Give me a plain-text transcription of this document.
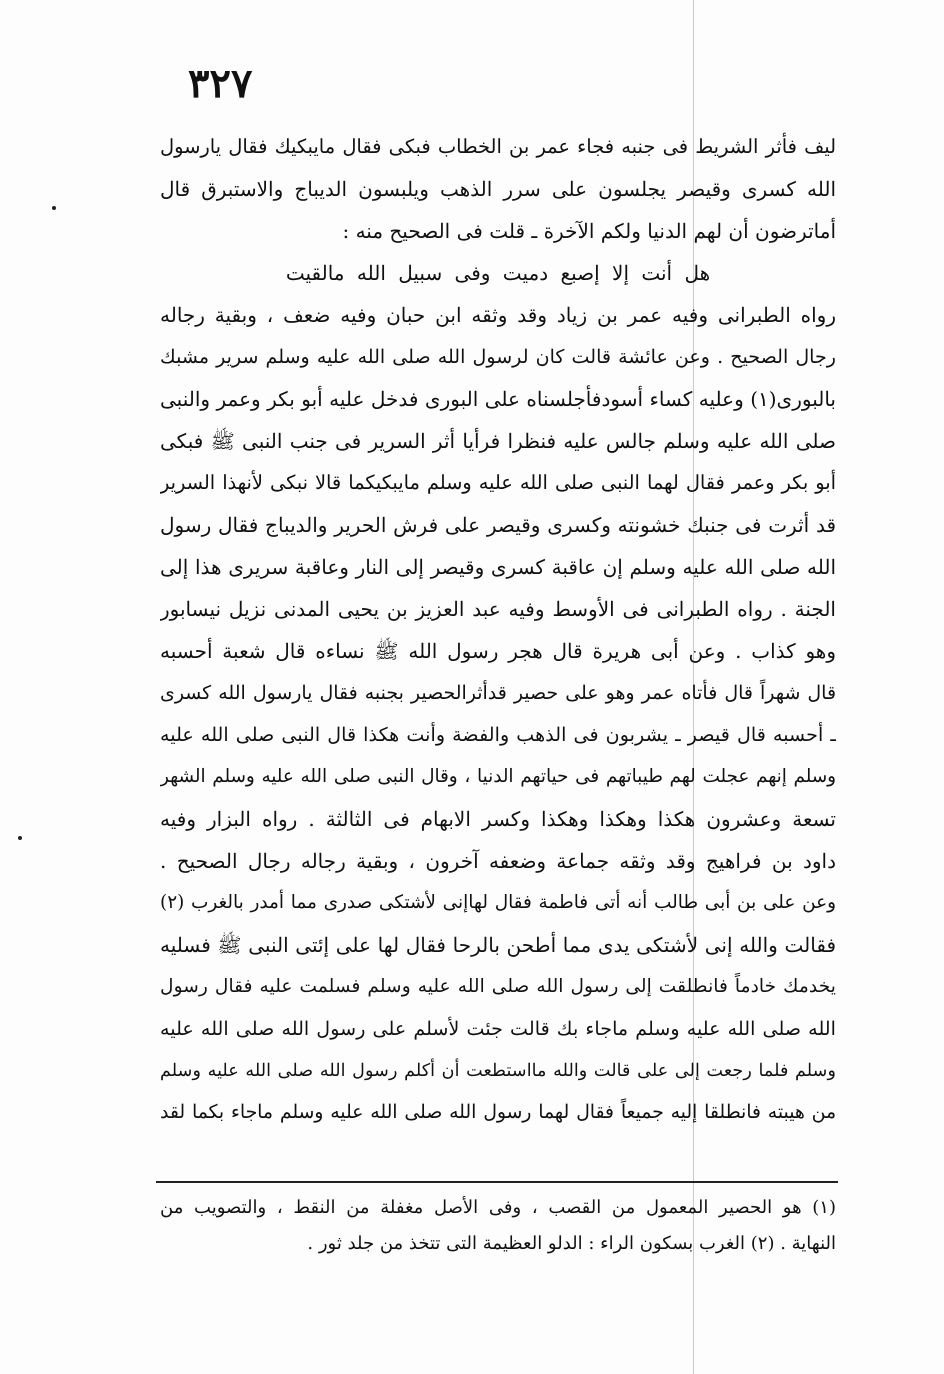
٣٢٧
ليف فأثر الشريط فى جنبه فجاء عمر بن الخطاب فبكى فقال مايبكيك فقال يارسول
الله كسرى وقيصر يجلسون على سرر الذهب ويلبسون الديباج والاستبرق قال
أماترضون أن لهم الدنيا ولكم الآخرة ـ قلت فى الصحيح منه :
هل أنت إلا إصبع دميت وفى سبيل الله مالقيت
رواه الطبرانى وفيه عمر بن زياد وقد وثقه ابن حبان وفيه ضعف ، وبقية رجاله
رجال الصحيح . وعن عائشة قالت كان لرسول الله صلى الله عليه وسلم سرير مشبك
بالبورى(١) وعليه كساء أسودفأجلسناه على البورى فدخل عليه أبو بكر وعمر والنبى
صلى الله عليه وسلم جالس عليه فنظرا فرأيا أثر السرير فى جنب النبى ﷺ فبكى
أبو بكر وعمر فقال لهما النبى صلى الله عليه وسلم مايبكيكما قالا نبكى لأنهذا السرير
قد أثرت فى جنبك خشونته وكسرى وقيصر على فرش الحرير والديباج فقال رسول
الله صلى الله عليه وسلم إن عاقبة كسرى وقيصر إلى النار وعاقبة سريرى هذا إلى
الجنة . رواه الطبرانى فى الأوسط وفيه عبد العزيز بن يحيى المدنى نزيل نيسابور
وهو كذاب . وعن أبى هريرة قال هجر رسول الله ﷺ نساءه قال شعبة أحسبه
قال شهراً قال فأتاه عمر وهو على حصير قدأثرالحصير بجنبه فقال يارسول الله كسرى
ـ أحسبه قال قيصر ـ يشربون فى الذهب والفضة وأنت هكذا قال النبى صلى الله عليه
وسلم إنهم عجلت لهم طيباتهم فى حياتهم الدنيا ، وقال النبى صلى الله عليه وسلم الشهر
تسعة وعشرون هكذا وهكذا وهكذا وكسر الابهام فى الثالثة . رواه البزار وفيه
داود بن فراهيج وقد وثقه جماعة وضعفه آخرون ، وبقية رجاله رجال الصحيح .
وعن على بن أبى طالب أنه أتى فاطمة فقال لهاإنى لأشتكى صدرى مما أمدر بالغرب (٢)
فقالت والله إنى لأشتكى يدى مما أطحن بالرحا فقال لها على إئتى النبى ﷺ فسليه
يخدمك خادماً فانطلقت إلى رسول الله صلى الله عليه وسلم فسلمت عليه فقال رسول
الله صلى الله عليه وسلم ماجاء بك قالت جئت لأسلم على رسول الله صلى الله عليه
وسلم فلما رجعت إلى على قالت والله مااستطعت أن أكلم رسول الله صلى الله عليه وسلم
من هيبته فانطلقا إليه جميعاً فقال لهما رسول الله صلى الله عليه وسلم ماجاء بكما لقد
(١) هو الحصير المعمول من القصب ، وفى الأصل مغفلة من النقط ، والتصويب من
النهاية . (٢) الغرب بسكون الراء : الدلو العظيمة التى تتخذ من جلد ثور .
